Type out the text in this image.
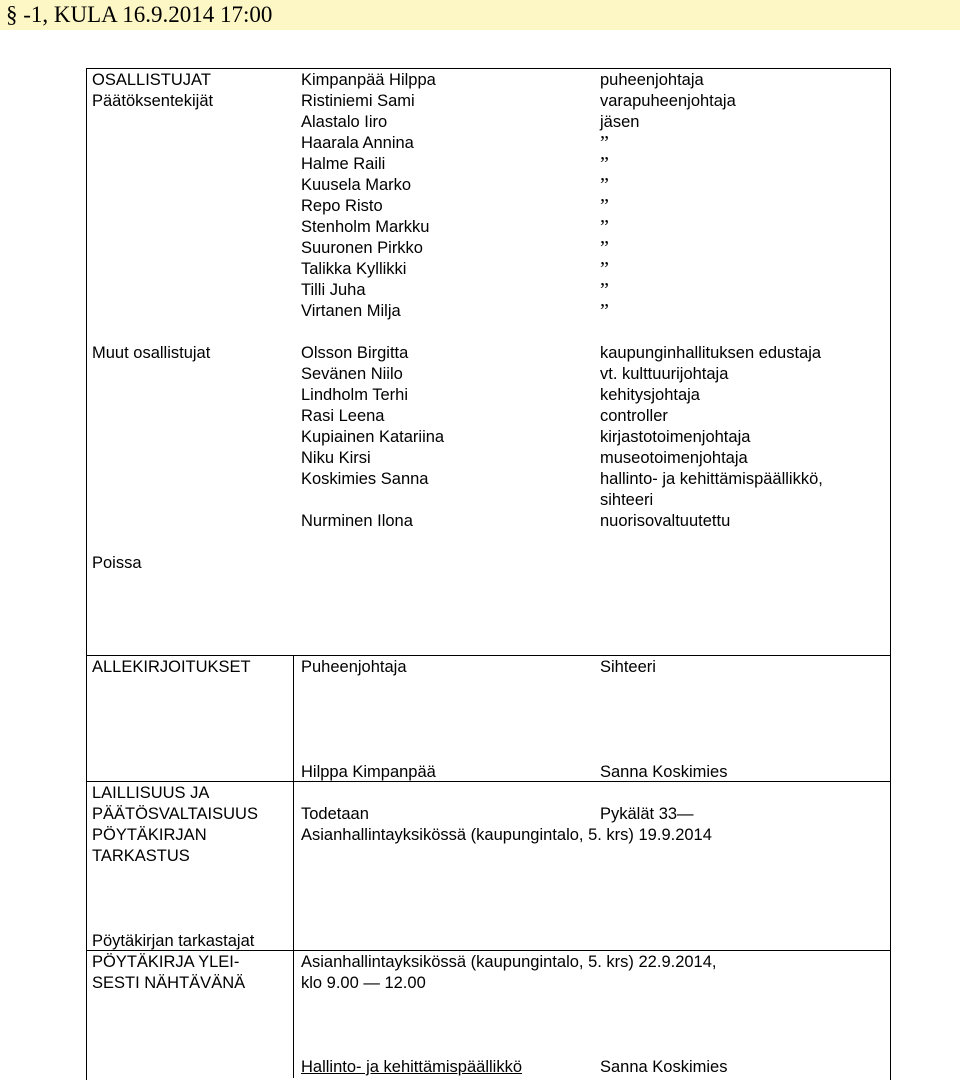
§ -1, KULA 16.9.2014 17:00
OSALLISTUJAT
Päätöksentekijät
Kimpanpää Hilppa	puheenjohtaja
Ristiniemi Sami	varapuheenjohtaja
Alastalo Iiro	jäsen
Haarala Annina	”
Halme Raili	”
Kuusela Marko	”
Repo Risto	”
Stenholm Markku	”
Suuronen Pirkko	”
Talikka Kyllikki	”
Tilli Juha	”
Virtanen Milja	”
Muut osallistujat	Olsson Birgitta	kaupunginhallituksen edustaja
Sevänen Niilo	vt. kulttuurijohtaja
Lindholm Terhi	kehitysjohtaja
Rasi Leena	controller
Kupiainen Katariina	kirjastotoimenjohtaja
Niku Kirsi	museotoimenjohtaja
Koskimies Sanna	hallinto- ja kehittämispäällikkö,
sihteeri
Nurminen Ilona	nuorisovaltuutettu
Poissa
ALLEKIRJOITUKSET	Puheenjohtaja	Sihteeri
Hilppa Kimpanpää	Sanna Koskimies
LAILLISUUS JA
PÄÄTÖSVALTAISUUS	Todetaan	Pykälät 33—
PÖYTÄKIRJAN
TARKASTUS
Asianhallintayksikössä (kaupungintalo, 5. krs) 19.9.2014
Pöytäkirjan tarkastajat
PÖYTÄKIRJA YLEI-
SESTI NÄHTÄVÄNÄ
Asianhallintayksikössä (kaupungintalo, 5. krs) 22.9.2014,
klo 9.00 — 12.00
Hallinto- ja kehittämispäällikkö	Sanna Koskimies
